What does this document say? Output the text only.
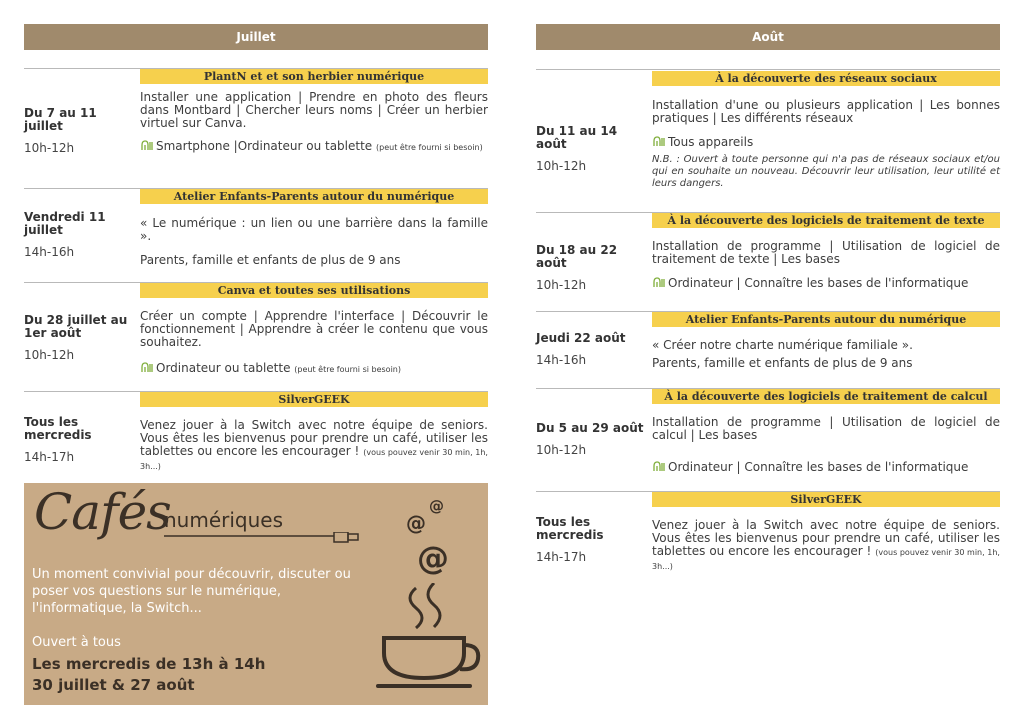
Juillet
Du 7 au 11 juillet
10h-12h
PlantN et et son herbier numérique
Installer une application | Prendre en photo des fleurs dans Montbard | Chercher leurs noms | Créer un herbier virtuel sur Canva.
Smartphone |Ordinateur ou tablette (peut être fourni si besoin)
Vendredi 11 juillet
14h-16h
Atelier Enfants-Parents autour du numérique
« Le numérique : un lien ou une barrière dans la famille ».
Parents, famille et enfants de plus de 9 ans
Du 28 juillet au 1er août
10h-12h
Canva et toutes ses utilisations
Créer un compte | Apprendre l'interface | Découvrir le fonctionnement | Apprendre à créer le contenu que vous souhaitez.
Ordinateur ou tablette (peut être fourni si besoin)
Tous les mercredis
14h-17h
SilverGEEK
Venez jouer à la Switch avec notre équipe de seniors. Vous êtes les bienvenus pour prendre un café, utiliser les tablettes ou encore les encourager ! (vous pouvez venir 30 min, 1h, 3h...)
Cafés
numériques
@
@
@
Un moment convivial pour découvrir, discuter ou poser vos questions sur le numérique, l'informatique, la Switch...
Ouvert à tous
Les mercredis de 13h à 14h
30 juillet & 27 août
Août
Du 11 au 14 août
10h-12h
À la découverte des réseaux sociaux
Installation d'une ou plusieurs application | Les bonnes pratiques | Les différents réseaux
Tous appareils
N.B. : Ouvert à toute personne qui n'a pas de réseaux sociaux et/ou qui en souhaite un nouveau. Découvrir leur utilisation, leur utilité et leurs dangers.
Du 18 au 22 août
10h-12h
À la découverte des logiciels de traitement de texte
Installation de programme | Utilisation de logiciel de traitement de texte | Les bases
Ordinateur | Connaître les bases de l'informatique
Jeudi 22 août
14h-16h
Atelier Enfants-Parents autour du numérique
« Créer notre charte numérique familiale ».
Parents, famille et enfants de plus de 9 ans
Du 5 au 29 août
10h-12h
À la découverte des logiciels de traitement de calcul
Installation de programme | Utilisation de logiciel de calcul | Les bases
Ordinateur | Connaître les bases de l'informatique
Tous les mercredis
14h-17h
SilverGEEK
Venez jouer à la Switch avec notre équipe de seniors. Vous êtes les bienvenus pour prendre un café, utiliser les tablettes ou encore les encourager ! (vous pouvez venir 30 min, 1h, 3h...)
